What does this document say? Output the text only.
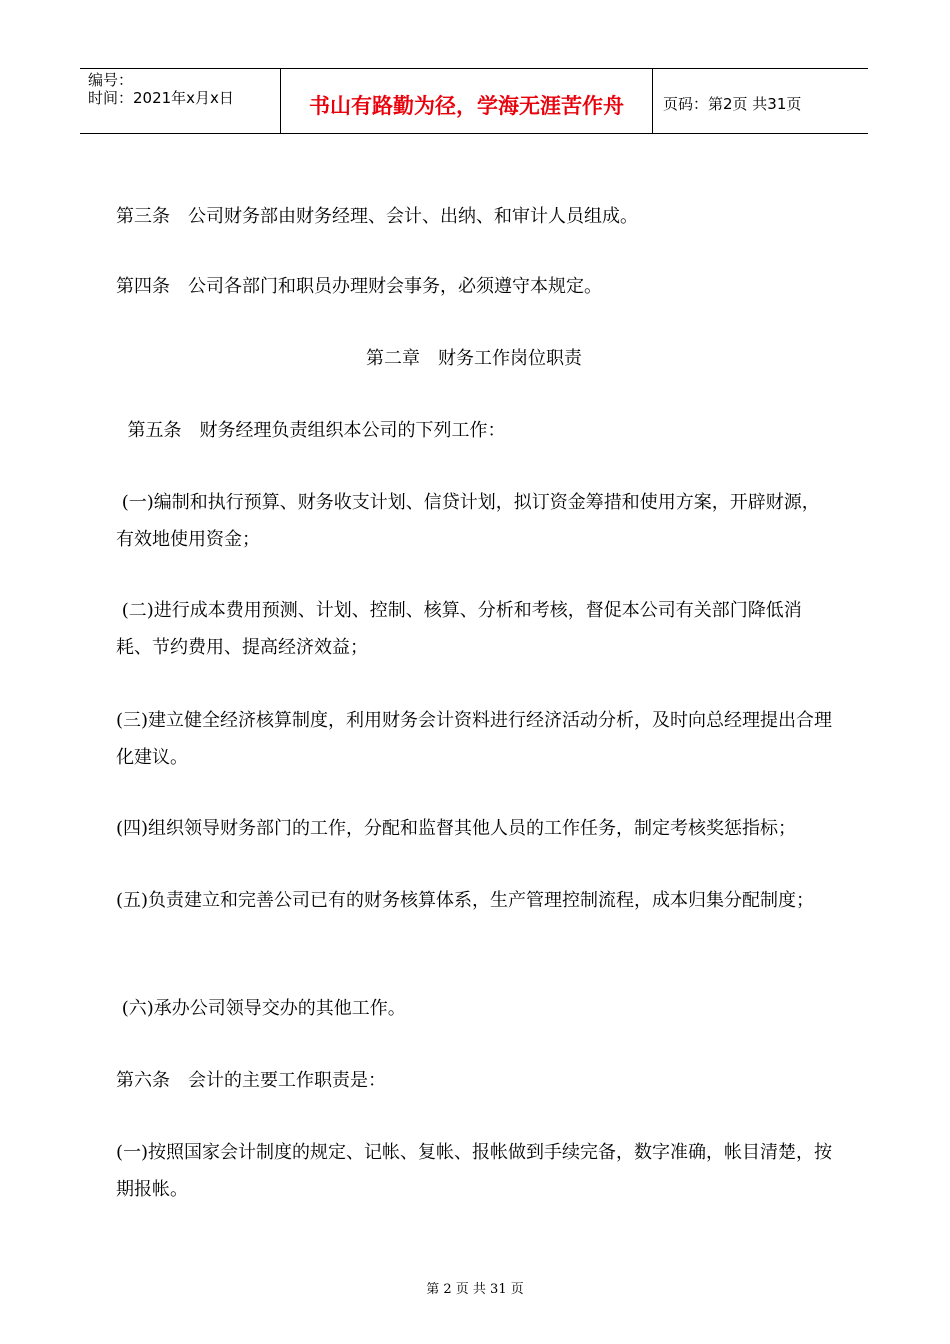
编号：
时间：2021年x月x日	书山有路勤为径，学海无涯苦作舟	页码：第2页 共31页

第三条　公司财务部由财务经理、会计、出纳、和审计人员组成。

第四条　公司各部门和职员办理财会事务，必须遵守本规定。

第二章　财务工作岗位职责

第五条　财务经理负责组织本公司的下列工作：

(一)编制和执行预算、财务收支计划、信贷计划，拟订资金筹措和使用方案，开辟财源，有效地使用资金；

(二)进行成本费用预测、计划、控制、核算、分析和考核，督促本公司有关部门降低消耗、节约费用、提高经济效益；

(三)建立健全经济核算制度，利用财务会计资料进行经济活动分析，及时向总经理提出合理化建议。

(四)组织领导财务部门的工作，分配和监督其他人员的工作任务，制定考核奖惩指标；

(五)负责建立和完善公司已有的财务核算体系，生产管理控制流程，成本归集分配制度；

(六)承办公司领导交办的其他工作。

第六条　会计的主要工作职责是：

(一)按照国家会计制度的规定、记帐、复帐、报帐做到手续完备，数字准确，帐目清楚，按期报帐。

第 2 页 共 31 页
